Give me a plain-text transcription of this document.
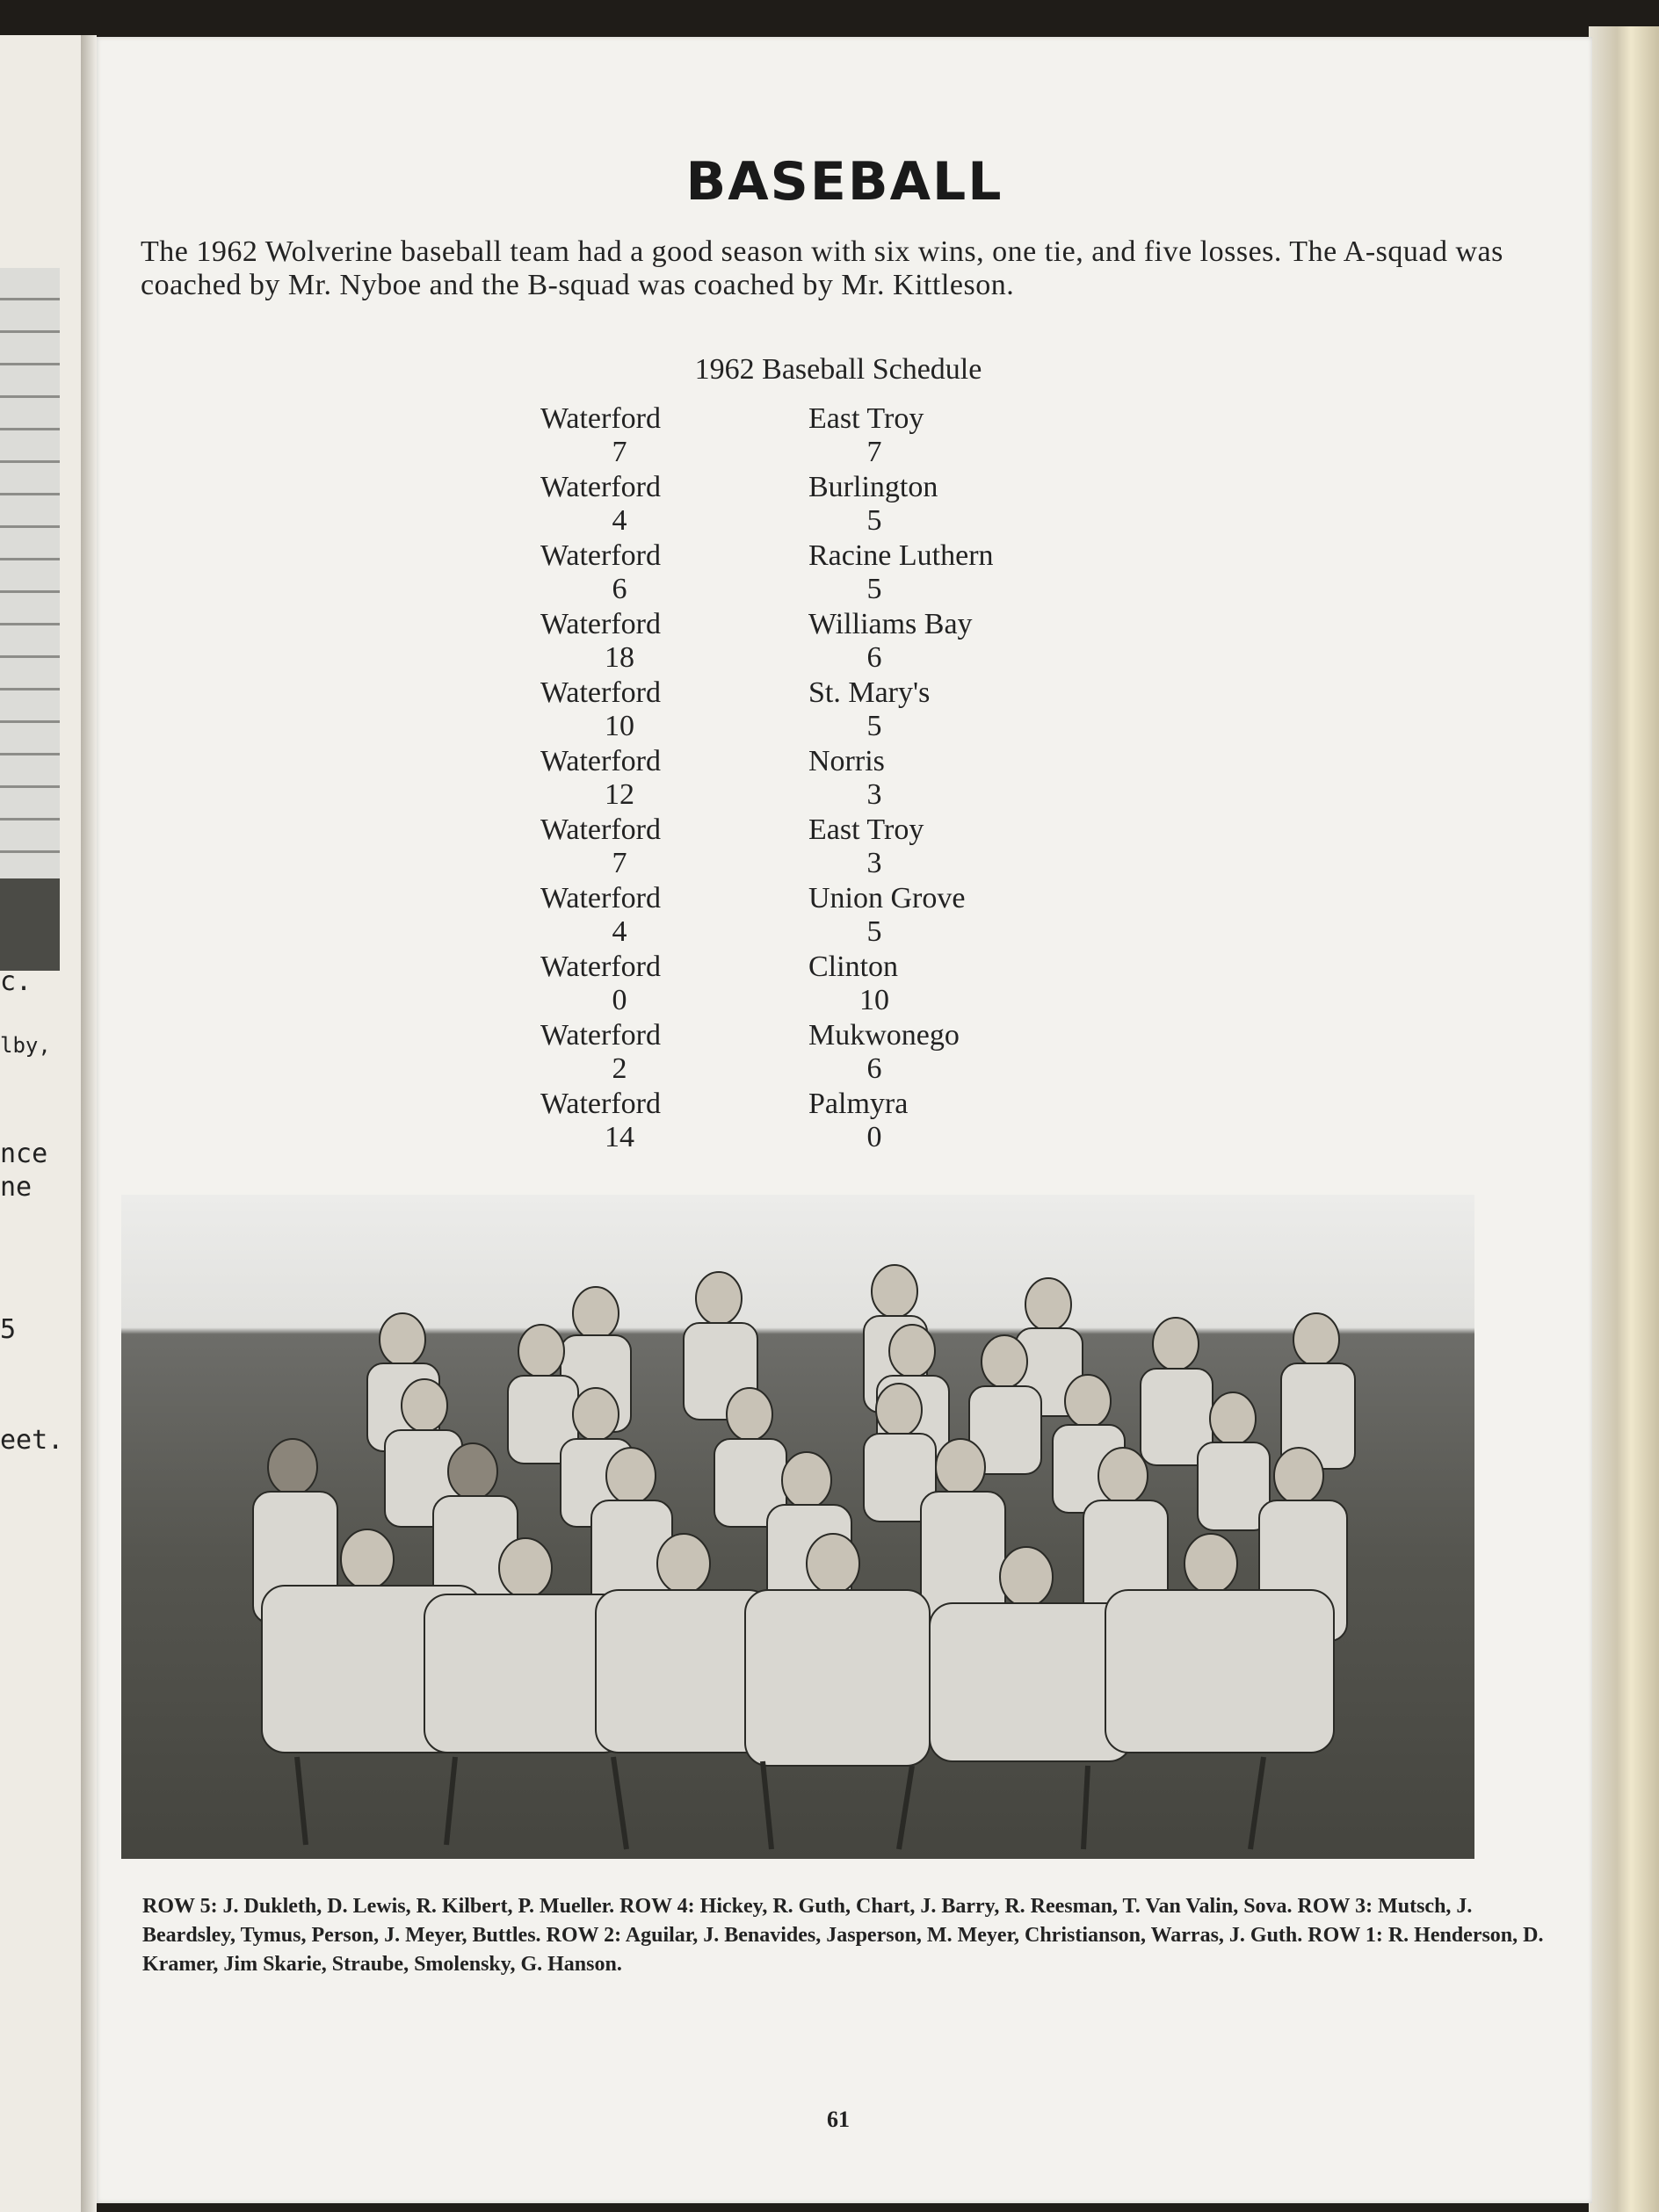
c.
lby,
nce
ne
5
eet.
BASEBALL

The 1962 Wolverine baseball team had a good season with six wins, one tie, and five losses. The A-squad was coached by Mr. Nyboe and the B-squad was coached by Mr. Kittleson.

1962 Baseball Schedule
Waterford
7
East Troy
7
Waterford
4
Burlington
5
Waterford
6
Racine Luthern
5
Waterford
18
Williams Bay
6
Waterford
10
St. Mary's
5
Waterford
12
Norris
3
Waterford
7
East Troy
3
Waterford
4
Union Grove
5
Waterford
0
Clinton
10
Waterford
2
Mukwonego
6
Waterford
14
Palmyra
0

ROW 5: J. Dukleth, D. Lewis, R. Kilbert, P. Mueller. ROW 4: Hickey, R. Guth, Chart, J. Barry, R. Reesman, T. Van Valin, Sova. ROW 3: Mutsch, J. Beardsley, Tymus, Person, J. Meyer, Buttles. ROW 2: Aguilar, J. Benavides, Jasperson, M. Meyer, Christianson, Warras, J. Guth. ROW 1: R. Henderson, D. Kramer, Jim Skarie, Straube, Smolensky, G. Hanson.

61
